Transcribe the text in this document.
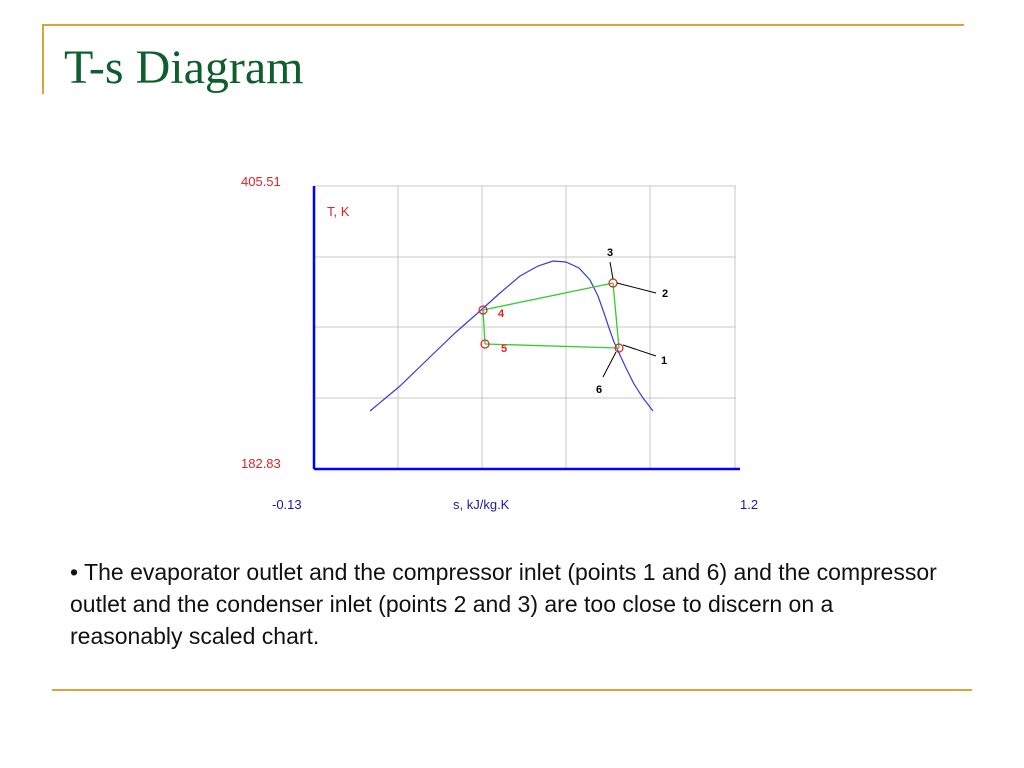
T-s Diagram
1
2
3
4
5
6
405.51
182.83
T, K
-0.13	s, kJ/kg.K	1.2

• The evaporator outlet and the compressor inlet (points 1 and 6) and the compressor outlet and the condenser inlet (points 2 and 3) are too close to discern on a reasonably scaled chart.
